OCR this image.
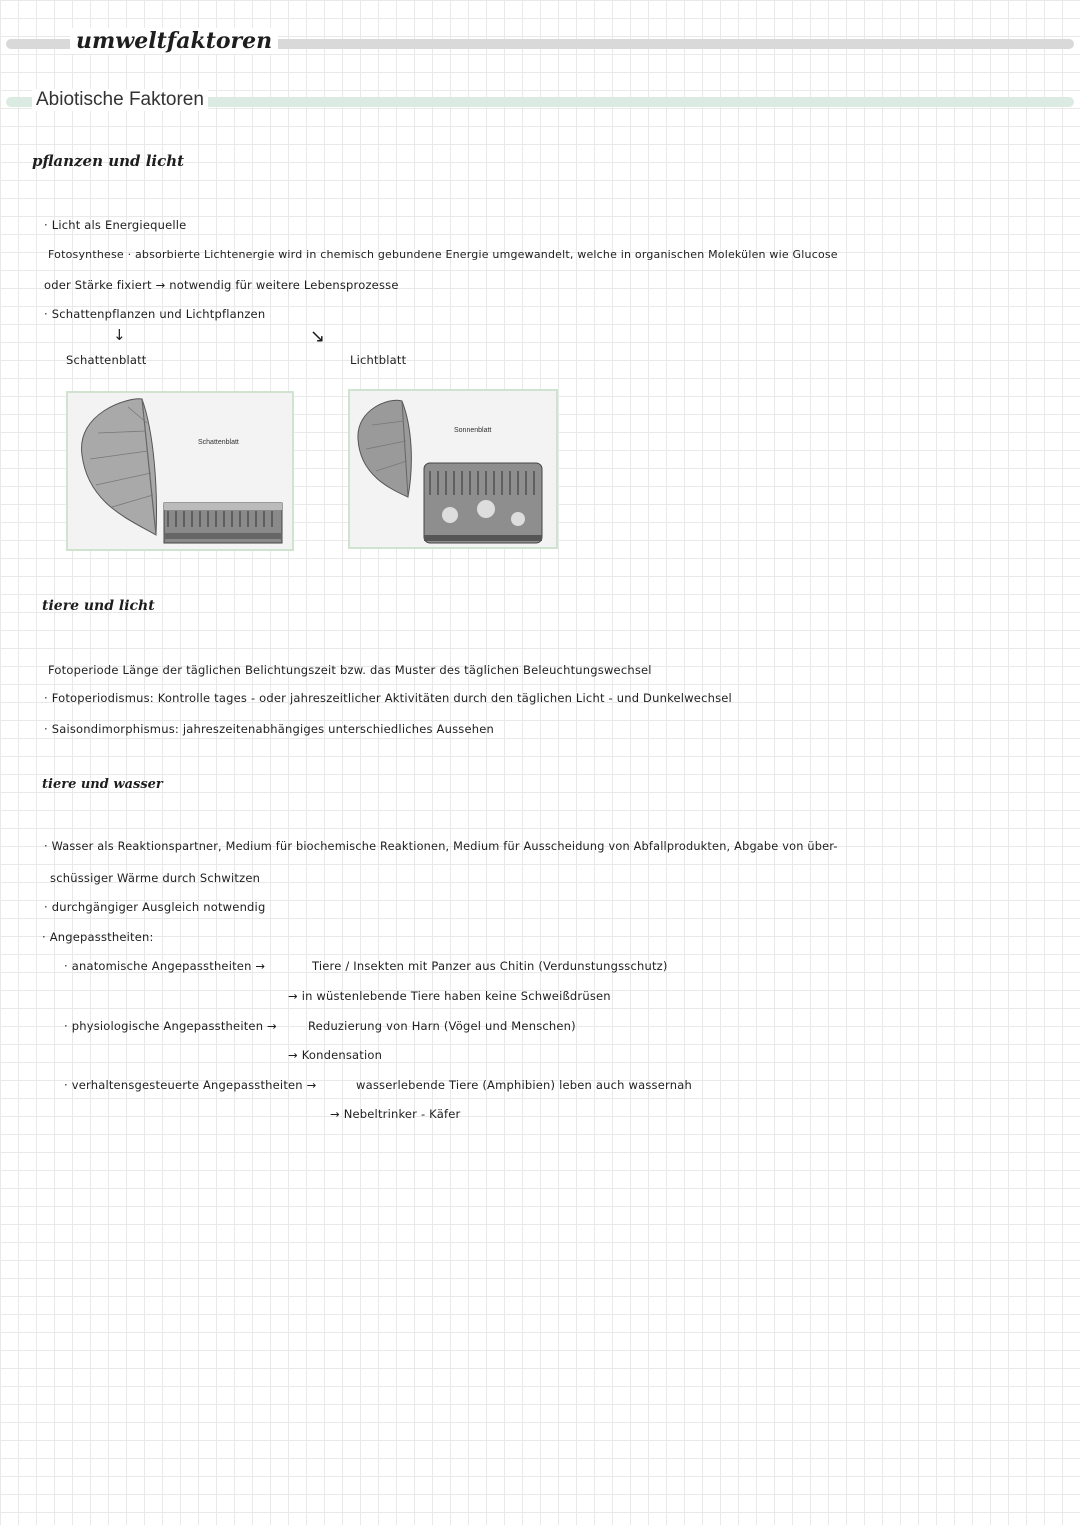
umweltfaktoren
Abiotische Faktoren
pflanzen und licht
· Licht als Energiequelle
Fotosynthese · absorbierte Lichtenergie wird in chemisch gebundene Energie umgewandelt, welche in organischen Molekülen wie Glucose
oder Stärke fixiert → notwendig für weitere Lebensprozesse
· Schattenpflanzen und Lichtpflanzen
↓	↘
Schattenblatt	Lichtblatt
Schattenblatt
Sonnenblatt
tiere und licht
Fotoperiode Länge der täglichen Belichtungszeit bzw. das Muster des täglichen Beleuchtungswechsel
· Fotoperiodismus: Kontrolle tages - oder jahreszeitlicher Aktivitäten durch den täglichen Licht - und Dunkelwechsel
· Saisondimorphismus: jahreszeitenabhängiges unterschiedliches Aussehen
tiere und wasser
· Wasser als Reaktionspartner, Medium für biochemische Reaktionen, Medium für Ausscheidung von Abfallprodukten, Abgabe von über-
schüssiger Wärme durch Schwitzen
· durchgängiger Ausgleich notwendig
· Angepasstheiten:
· anatomische Angepasstheiten →	Tiere / Insekten mit Panzer aus Chitin (Verdunstungsschutz)
→ in wüstenlebende Tiere haben keine Schweißdrüsen
· physiologische Angepasstheiten →	Reduzierung von Harn (Vögel und Menschen)
→ Kondensation
· verhaltensgesteuerte Angepasstheiten →	wasserlebende Tiere (Amphibien) leben auch wassernah
→ Nebeltrinker - Käfer
